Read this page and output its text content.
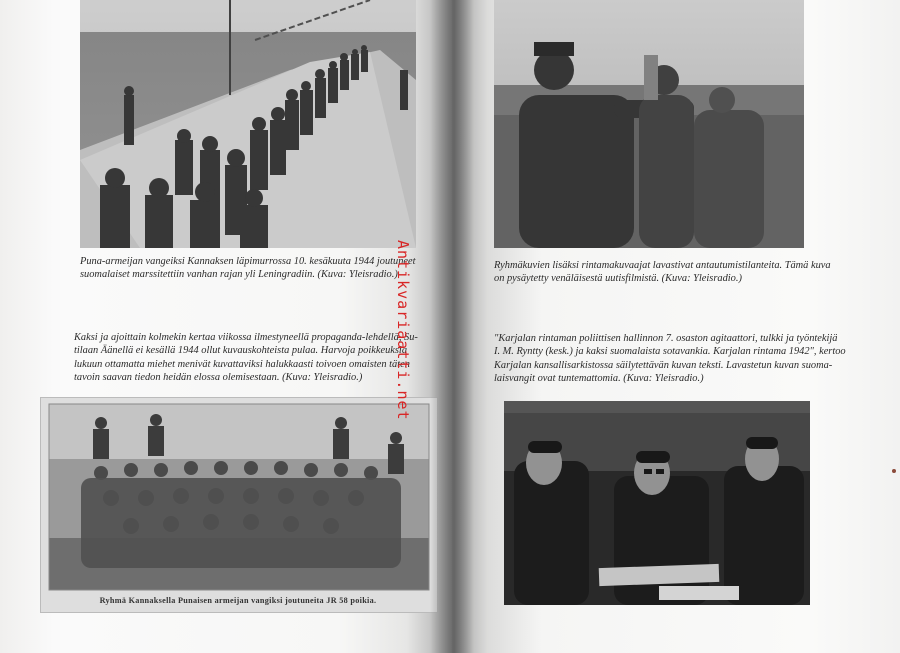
Puna-armeijan vangeiksi Kannaksen läpimurrossa 10. kesäkuuta 1944 joutuneet
suomalaiset marssitettiin vanhan rajan yli Leningradiin. (Kuva: Yleisradio.)

Kaksi ja ajoittain kolmekin kertaa viikossa ilmestyneellä propaganda-lehdellä, Su-
tilaan Äänellä ei kesällä 1944 ollut kuvauskohteista pulaa. Harvoja poikkeuksia
lukuun ottamatta miehet menivät kuvattaviksi halukkaasti toivoen omaisten täten
tavoin saavan tiedon heidän elossa olemisestaan. (Kuva: Yleisradio.)

Ryhmä Kannaksella Punaisen armeijan vangiksi joutuneita JR 58 poikia.

Ryhmäkuvien lisäksi rintamakuvaajat lavastivat antautumistilanteita. Tämä kuva
on pysäytetty venäläisestä uutisfilmistä. (Kuva: Yleisradio.)

"Karjalan rintaman poliittisen hallinnon 7. osaston agitaattori, tulkki ja työntekijä
I. M. Ryntty (kesk.) ja kaksi suomalaista sotavankia. Karjalan rintama 1942", kertoo
Karjalan kansallisarkistossa säilytettävän kuvan teksti. Lavastetun kuvan suoma-
laisvangit ovat tuntemattomia. (Kuva: Yleisradio.)

Antikvariaatti.net
